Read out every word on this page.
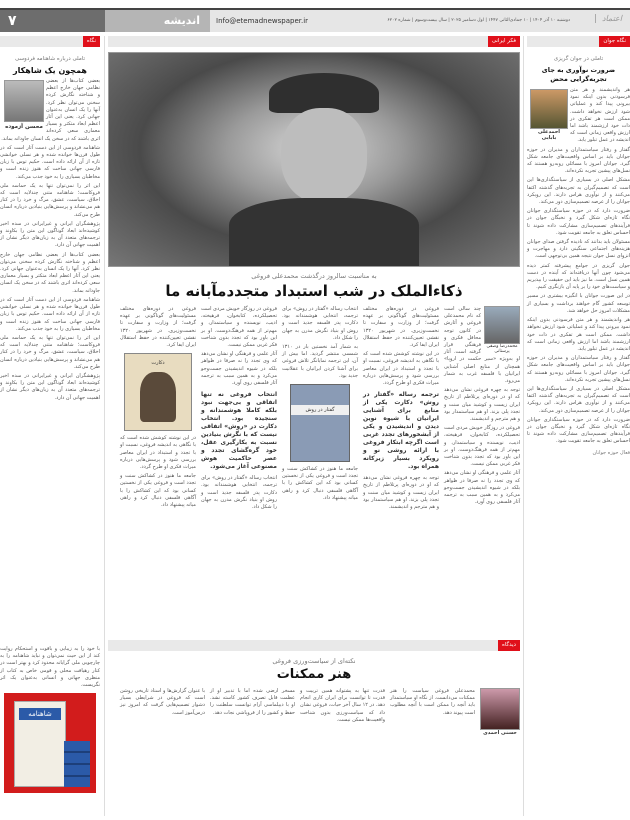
۷	اندیشه	Info@etemadnewspaper.ir	دوشنبه ۱۰ آذر ۱۴۰۴ | ۱۰ جمادی‌الثانی ۱۴۴۷ | اول دسامبر ۲۰۲۵ | سال بیست‌وسوم | شماره ۶۲۰۲	اعتماد
نگاه
تاملی درباره شاهنامه فردوسی
همچون یک شاهکار
محسن آزموده

بعضی کتاب‌ها از بعضی نظامی جهان خارج اعظم و شناخته نگارش کرده سخنی می‌توان نظر کرد. آنها را یک انسان به‌عنوان جهانی کرد. یعنی این آثار اعظم ابعاد متکثر و بسیار معماری سعی کرده‌اند اثری باشند که در سخن یک انسان جاودانه بماند.

شاهنامه فردوسی از این دست آثار است که در طول قرن‌ها خوانده شده و هر نسلی خوانشی تازه از آن ارائه داده است. حکیم توس با زبان فارسی جهانی ساخت که هنوز زنده است و مخاطبان بسیاری را به خود جذب می‌کند.

این اثر را نمی‌توان تنها به یک حماسه ملی فروکاست؛ شاهنامه متنی چندلایه است که اخلاق، سیاست، عشق، مرگ و خرد را در کنار هم می‌نشاند و پرسش‌هایی بنیادین درباره انسان طرح می‌کند.

پژوهشگران ایرانی و غیرایرانی در سده اخیر کوشیده‌اند ابعاد گوناگون این متن را بکاوند و ترجمه‌های متعدد آن به زبان‌های دیگر نشان از اهمیت جهانی آن دارد.

بعضی کتاب‌ها از بعضی نظامی جهان خارج اعظم و شناخته نگارش کرده سخنی می‌توان نظر کرد. آنها را یک انسان به‌عنوان جهانی کرد. یعنی این آثار اعظم ابعاد متکثر و بسیار معماری سعی کرده‌اند اثری باشند که در سخن یک انسان جاودانه بماند.

شاهنامه فردوسی از این دست آثار است که در طول قرن‌ها خوانده شده و هر نسلی خوانشی تازه از آن ارائه داده است. حکیم توس با زبان فارسی جهانی ساخت که هنوز زنده است و مخاطبان بسیاری را به خود جذب می‌کند.

این اثر را نمی‌توان تنها به یک حماسه ملی فروکاست؛ شاهنامه متنی چندلایه است که اخلاق، سیاست، عشق، مرگ و خرد را در کنار هم می‌نشاند و پرسش‌هایی بنیادین درباره انسان طرح می‌کند.

پژوهشگران ایرانی و غیرایرانی در سده اخیر کوشیده‌اند ابعاد گوناگون این متن را بکاوند و ترجمه‌های متعدد آن به زبان‌های دیگر نشان از اهمیت جهانی آن دارد.

با خود را به زیبایی و باقوت و استحکام روایت کند از این حیث نمی‌توان و نباید شاهنامه را به چارچوبی ملی گرایانه محدود کرد و بهتر است در کنار رهیافت محلی و قومی خاص به کتاب از منظری جهانی و انسانی به‌عنوان یک اثر نگریست.

شاهنامه
فکر ایرانی
به مناسبت سالروز درگذشت محمدعلی فروغی
ذکاءالملک در شب استبداد متجددمآبانه ما
محمدرضا وصفی پرستانی

چند سالی است که نام محمدعلی فروغی و آثارش در کانون توجه محافل فکری و فرهنگی قرار گرفته است. آثار او به‌ویژه «سیر حکمت در اروپا» همچنان از منابع اصلی آشنایی ایرانیان با فلسفه غرب به شمار می‌رود.

توجه به چهره فروغی نشان می‌دهد که او در دوره‌ای پرتلاطم از تاریخ ایران زیست و کوشید میان سنت و تجدد پلی بزند. او هم سیاستمدار بود و هم مترجم و اندیشمند.

فروغی در روزگار خویش مردی است تحصیلکرده، کتابخوان، فرهیخته، ادیب، نویسنده و سیاستمدار، و مهم‌تر از همه فرهنگ‌دوست. او بر این باور بود که تجدد بدون شناخت فکر غربی ممکن نیست.

آثار علمی و فرهنگی او نشان می‌دهد که وی تجدد را نه صرفا در ظواهر بلکه در شیوه اندیشیدن جست‌وجو می‌کرد و به همین سبب به ترجمه آثار فلسفی روی آورد.

فروغی در دوره‌های مختلف مسئولیت‌های گوناگونی بر عهده گرفت؛ از وزارت و سفارت تا نخست‌وزیری. در شهریور ۱۳۲۰ نقشی تعیین‌کننده در حفظ استقلال ایران ایفا کرد.

در این نوشته کوشش شده است که با نگاهی به اندیشه فروغی، نسبت او با تجدد و استبداد در ایران معاصر بررسی شود و پرسش‌هایی درباره میراث فکری او طرح گردد.

ترجمه رساله «گفتار در روش» دکارت یکی از منابع برای آشنایی ایرانیان با شیوه نوین دیدن و اندیشیدن و یکی از آبشخورهای تجدد غربی است اگرچه ابتکار فروغی با ارائه روشی نو و رویکرد بسیار زیرکانه همراه بود.

توجه به چهره فروغی نشان می‌دهد که او در دوره‌ای پرتلاطم از تاریخ ایران زیست و کوشید میان سنت و تجدد پلی بزند. او هم سیاستمدار بود و هم مترجم و اندیشمند.

انتخاب رساله «گفتار در روش» برای ترجمه، انتخابی هوشمندانه بود. دکارت پدر فلسفه جدید است و روش او بنیاد نگرش مدرن به جهان را شکل داد.

به شمار آمد نخستین بار در ۱۳۱۰ شمسی منتشر گردید. اما بیش از آن، این ترجمه نمایانگر تلاش فروغی برای آشنا کردن ایرانیان با عقلانیت جدید بود.

گفتار در روش

جامعه ما هنوز در کشاکش سنت و تجدد است و فروغی یکی از نخستین کسانی بود که این کشاکش را با آگاهی فلسفی دنبال کرد و راهی میانه پیشنهاد داد.

فروغی در روزگار خویش مردی است تحصیلکرده، کتابخوان، فرهیخته، ادیب، نویسنده و سیاستمدار، و مهم‌تر از همه فرهنگ‌دوست. او بر این باور بود که تجدد بدون شناخت فکر غربی ممکن نیست.

آثار علمی و فرهنگی او نشان می‌دهد که وی تجدد را نه صرفا در ظواهر بلکه در شیوه اندیشیدن جست‌وجو می‌کرد و به همین سبب به ترجمه آثار فلسفی روی آورد.

انتخاب فروغی نه تنها اتفاقی و بی‌جهت نبود بلکه کاملا هوشمندانه و سنجیده بود. انتخاب دکارت در «روش» اتفاقی نیست که با نگرش بنیادین نسبت به بکارگیری عقل، خود گره‌گشای تجدد و عصر حاکمیت هوش مصنوعی آغاز می‌شود.

انتخاب رساله «گفتار در روش» برای ترجمه، انتخابی هوشمندانه بود. دکارت پدر فلسفه جدید است و روش او بنیاد نگرش مدرن به جهان را شکل داد.

فروغی در دوره‌های مختلف مسئولیت‌های گوناگونی بر عهده گرفت؛ از وزارت و سفارت تا نخست‌وزیری. در شهریور ۱۳۲۰ نقشی تعیین‌کننده در حفظ استقلال ایران ایفا کرد.

دکارت

در این نوشته کوشش شده است که با نگاهی به اندیشه فروغی، نسبت او با تجدد و استبداد در ایران معاصر بررسی شود و پرسش‌هایی درباره میراث فکری او طرح گردد.

جامعه ما هنوز در کشاکش سنت و تجدد است و فروغی یکی از نخستین کسانی بود که این کشاکش را با آگاهی فلسفی دنبال کرد و راهی میانه پیشنهاد داد.

دیدگاه
نکته‌ای از سیاست‌ورزی فروغی
هنر ممکنات
حسنی احمدی

محمدعلی فروغی سیاست را هنر ممکنات می‌دانست. از نگاه او سیاستمدار باید آنچه را ممکن است با آنچه مطلوب است پیوند دهد.

قدرت تنها به پشتوانه همین تربیت و قدرت تا توانست برای ایران کاری انجام دهد. در ۱۲ سال آخر حیات، فروغی نشان داد که سیاست‌ورزی بدون شناخت واقعیت‌ها ممکن نیست.

مسخر ارضی شده اما با تدبیر او از عظمت قابل تصرف کشور کاسته نشد. او با دیپلماسی آرام توانست سلطنت را حفظ و کشور را از فروپاشی نجات دهد.

با عنوان گزارش‌ها و اسناد تاریخی روشن است که فروغی در شرایطی بسیار دشوار تصمیم‌هایی گرفت که امروز نیز درس‌آموز است.

نگاه جوان
تاملی در جوان گریزی
ضرورت نوآوری به جای تجربه‌گرایی محض
احمدعلی بابایی

هر واندیشمند و هر متن فرسودنی بدون اینکه نمود بیرونی پیدا کند و عملیاتی شود ارزش نخواهد داشت. ممکن است هر تفکری در ذات خود ارزشمند باشد اما ارزش واقعی زمانی است که اندیشه در عمل تبلور یابد.

گفتار و رفتار سیاستمداران و مدیران در حوزه جوانان باید بر اساس واقعیت‌های جامعه شکل گیرد. جوانان امروز با مسائلی روبه‌رو هستند که نسل‌های پیشین تجربه نکرده‌اند.

مشکل اصلی در بسیاری از سیاستگذاری‌ها این است که تصمیم‌گیران به تجربه‌های گذشته اکتفا می‌کنند و از نوآوری هراس دارند. این رویکرد جوانان را از عرصه تصمیم‌سازی دور می‌کند.

ضرورت دارد که در حوزه سیاستگذاری جوانان نگاه تازه‌ای شکل گیرد و نخبگان جوان در فرآیندهای تصمیم‌سازی مشارکت داده شوند تا احساس تعلق به جامعه تقویت شود.

مسئولان باید بدانند که نادیده گرفتن صدای جوانان هزینه‌های اجتماعی سنگینی دارد و مهاجرت و انزوای نسل جوان نتیجه همین بی‌توجهی است.

جوان گریزی در جوامع پیشرفته کمتر دیده می‌شود چون آنها دریافته‌اند که آینده در دست همین نسل است. ما نیز باید این حقیقت را بپذیریم و سیاست‌های خود را بر پایه آن بازنگری کنیم.

در این صورت جوانان با انگیزه بیشتری در مسیر توسعه کشور گام خواهند برداشت و بسیاری از مشکلات امروز حل خواهد شد.

هر واندیشمند و هر متن فرسودنی بدون اینکه نمود بیرونی پیدا کند و عملیاتی شود ارزش نخواهد داشت. ممکن است هر تفکری در ذات خود ارزشمند باشد اما ارزش واقعی زمانی است که اندیشه در عمل تبلور یابد.

گفتار و رفتار سیاستمداران و مدیران در حوزه جوانان باید بر اساس واقعیت‌های جامعه شکل گیرد. جوانان امروز با مسائلی روبه‌رو هستند که نسل‌های پیشین تجربه نکرده‌اند.

مشکل اصلی در بسیاری از سیاستگذاری‌ها این است که تصمیم‌گیران به تجربه‌های گذشته اکتفا می‌کنند و از نوآوری هراس دارند. این رویکرد جوانان را از عرصه تصمیم‌سازی دور می‌کند.

ضرورت دارد که در حوزه سیاستگذاری جوانان نگاه تازه‌ای شکل گیرد و نخبگان جوان در فرآیندهای تصمیم‌سازی مشارکت داده شوند تا احساس تعلق به جامعه تقویت شود.

فعال حوزه جوانان
